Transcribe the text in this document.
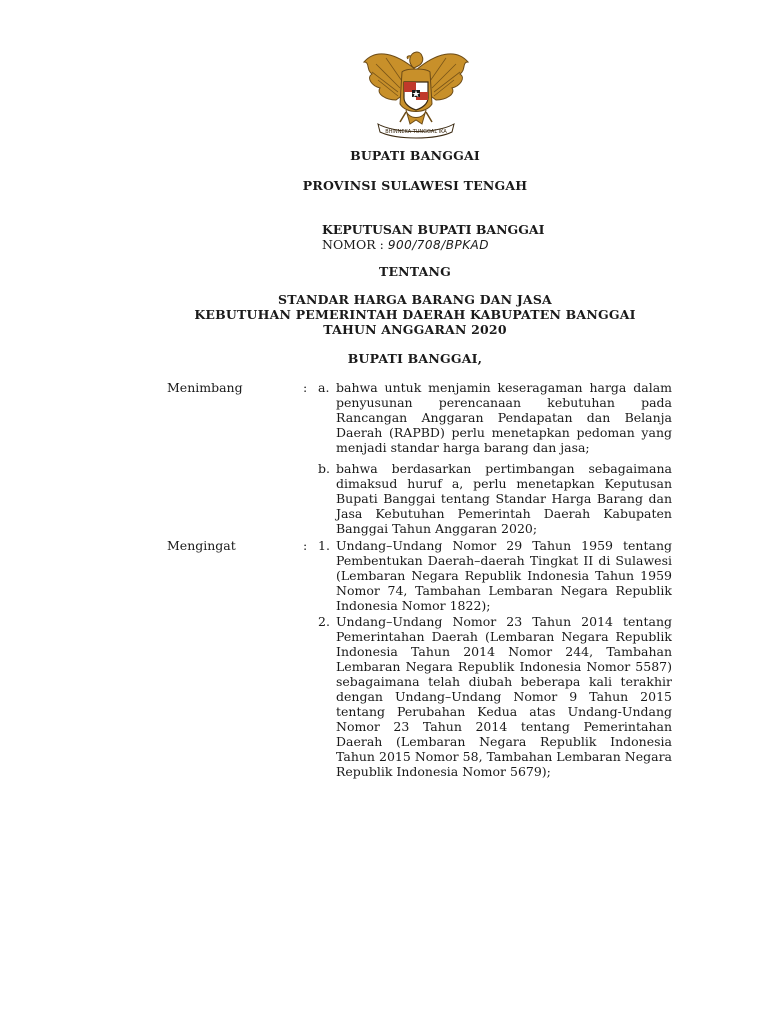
BHINNEKA TUNGGAL IKA
BUPATI BANGGAI
PROVINSI SULAWESI TENGAH
KEPUTUSAN BUPATI BANGGAI
NOMOR : 900/708/BPKAD
TENTANG
STANDAR HARGA BARANG DAN JASA
KEBUTUHAN PEMERINTAH DAERAH KABUPATEN BANGGAI
TAHUN ANGGARAN 2020
BUPATI BANGGAI,
Menimbang	: a. bahwa untuk menjamin keseragaman harga dalam penyusunan perencanaan kebutuhan pada Rancangan Anggaran Pendapatan dan Belanja Daerah (RAPBD) perlu menetapkan pedoman yang menjadi standar harga barang dan jasa;
b. bahwa berdasarkan pertimbangan sebagaimana dimaksud huruf a, perlu menetapkan Keputusan Bupati Banggai tentang Standar Harga Barang dan Jasa Kebutuhan Pemerintah Daerah Kabupaten Banggai Tahun Anggaran 2020;
Mengingat	: 1. Undang–Undang Nomor 29 Tahun 1959 tentang Pembentukan Daerah–daerah Tingkat II di Sulawesi (Lembaran Negara Republik Indonesia Tahun 1959 Nomor 74, Tambahan Lembaran Negara Republik Indonesia Nomor 1822);
2. Undang–Undang Nomor 23 Tahun 2014 tentang Pemerintahan Daerah (Lembaran Negara Republik Indonesia Tahun 2014 Nomor 244, Tambahan Lembaran Negara Republik Indonesia Nomor 5587) sebagaimana telah diubah beberapa kali terakhir dengan Undang–Undang Nomor 9 Tahun 2015 tentang Perubahan Kedua atas Undang-Undang Nomor 23 Tahun 2014 tentang Pemerintahan Daerah (Lembaran Negara Republik Indonesia Tahun 2015 Nomor 58, Tambahan Lembaran Negara Republik Indonesia Nomor 5679);
